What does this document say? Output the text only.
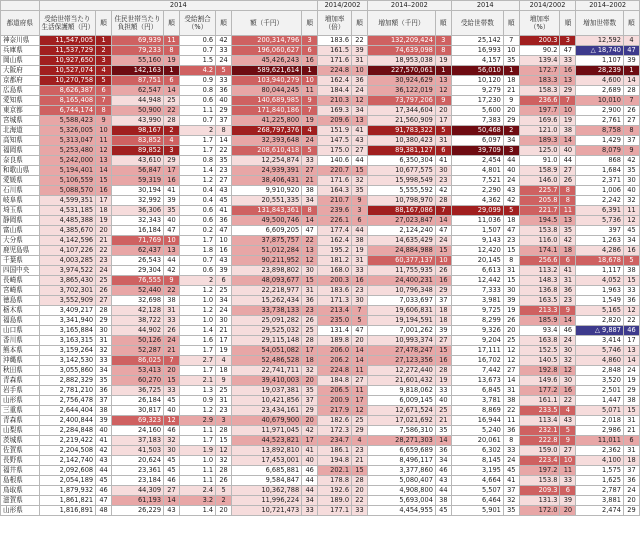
	2014								2014/2002		2014–2002		2014		2014/2002		2014–2002	
都道府県	受給世帯当たり生活保護額（円）	順	住民世帯当たり負担額（円）	順	受給割合（%）	順	額（千円）	順	増加率（倍）	順	増加額（千円）	順	受給世帯数	順	増加率（%）	順	増加世帯数	順
神奈川県	11,547,005	1	69,939	11	0.6	42	200,314,796	3	183.6	22	132,209,424	3	25,142	7	200.3	3	12,592	4
兵庫県	11,537,729	2	79,233	8	0.7	33	196,060,627	6	161.5	39	74,639,098	8	16,993	10	90.2	47	△ 18,740	47
岡山県	10,927,650	3	55,160	19	1.5	24	45,426,243	16	171.6	31	18,953,038	19	4,157	35	139.4	33	1,107	39
大阪府	10,527,074	4	142,163	1	4.2	5	589,621,614	1	224.8	10	227,570,061	1	56,010	1	172.7	16	28,239	1
京都府	10,270,758	5	87,751	6	0.9	33	103,940,279	10	162.4	36	30,924,629	13	10,120	18	183.3	13	4,600	14
広島県	8,626,387	6	62,547	14	0.8	36	80,044,245	11	184.4	24	36,122,019	12	9,279	21	158.3	29	2,689	28
愛知県	8,165,408	7	44,948	25	0.6	40	140,689,985	9	210.3	12	73,797,206	9	17,230	9	236.6	7	10,010	7
東京都	6,744,174	8	50,900	22	1.1	29	171,840,186	7	169.3	34	17,344,604	20	5,600	20	197.7	10	2,900	26
宮城県	5,588,423	9	43,990	28	0.7	37	41,225,800	19	209.6	13	21,560,909	17	7,383	29	169.6	19	2,761	27
北海道	5,326,005	10	98,167	2	2	8	268,797,376	4	151.9	41	91,783,322	5	50,468	2	121.0	38	8,758	8
高知県	5,313,047	11	83,852	4	1.7	14	32,393,648	24	147.5	43	10,380,423	31	6,097	34	189.3	14	1,429	37
福岡県	5,253,480	12	89,852	3	1.7	22	208,610,418	5	175.0	27	89,381,127	6	39,709	3	125.0	40	8,079	9
奈良県	5,242,000	13	43,610	29	0.8	35	12,254,874	33	140.6	44	6,350,304	41	2,454	44	91.0	44	868	42
和歌山県	5,194,401	14	56,847	17	1.4	23	24,939,391	27	220.7	15	10,677,575	30	4,801	40	158.9	27	1,684	35
愛媛県	5,106,559	15	59,319	16	1.2	27	38,406,431	21	171.6	32	15,998,549	23	7,521	24	146.0	26	2,371	30
石川県	5,088,570	16	30,194	41	0.4	43	9,910,920	38	164.3	35	5,555,592	42	2,290	43	225.7	8	1,006	40
岐阜県	4,599,351	17	32,992	39	0.4	45	20,551,335	34	210.7	9	10,798,970	28	4,362	42	205.8	8	2,242	32
埼玉県	4,531,185	18	36,306	35	0.6	41	131,843,361	8	239.6	3	88,167,086	7	29,099	5	221.7	11	6,391	11
静岡県	4,485,388	19	32,343	40	0.6	36	49,500,746	14	226.1	6	27,023,847	14	11,036	18	194.5	13	5,736	12
富山県	4,385,670	20	16,184	47	0.2	47	6,609,205	47	177.4	44	2,124,240	47	1,507	47	153.8	35	397	45
大分県	4,142,596	21	71,769	10	1.7	10	37,875,757	22	162.4	38	14,635,429	24	9,143	23	116.0	42	1,263	34
鹿児島県	4,107,226	22	62,437	13	1.8	16	51,012,284	13	195.2	19	24,884,988	15	12,420	15	174.1	18	4,286	16
千葉県	4,003,285	23	26,543	44	0.7	43	90,211,952	12	181.2	31	60,377,137	10	20,145	8	256.6	6	18,678	5
四国中央	3,974,522	24	29,304	42	0.6	39	23,898,802	30	168.0	33	11,755,935	26	6,613	31	113.2	41	1,117	38
長崎県	3,865,430	25	76,555	9	2	6	48,093,677	15	200.3	16	24,400,231	16	12,442	15	148.3	31	4,052	15
宮崎県	3,702,301	26	52,440	22	1.2	25	22,218,977	31	183.6	23	10,796,348	29	7,333	30	136.8	36	1,963	33
徳島県	3,552,909	27	32,698	38	1.0	34	15,262,434	36	171.3	30	7,033,697	37	3,981	39	163.5	23	1,549	36
栃木県	3,409,217	28	42,128	31	1.2	24	33,738,133	23	213.4	7	19,606,831	18	9,725	19	213.3	9	5,165	12
福島県	3,341,940	29	38,722	33	1.0	30	25,091,282	26	235.0	5	19,194,591	18	8,299	26	185.9	14	2,820	22
山口県	3,165,884	30	44,902	26	1.4	21	29,525,032	25	131.4	47	7,001,262	39	9,326	20	93.4	46	△ 9,887	46
香川県	3,163,315	31	50,126	24	1.6	17	29,115,148	28	189.8	20	10,993,374	27	9,204	25	163.8	24	3,414	17
熊本県	3,159,264	32	52,287	21	1.7	19	54,051,082	17	206.0	14	27,478,247	15	17,111	12	152.5	30	5,746	13
沖縄県	3,142,530	33	86,025	7	2.7	4	52,486,528	18	206.2	14	27,123,356	16	16,702	12	140.5	32	4,860	14
秋田県	3,055,860	34	53,413	20	1.7	18	22,741,711	32	224.8	11	12,272,440	28	7,442	27	192.8	12	2,848	24
青森県	2,882,329	35	60,270	15	2.1	9	39,410,003	20	184.8	27	21,601,432	19	13,673	14	149.6	30	3,520	19
岩手県	2,781,210	36	36,725	33	1.3	25	19,037,381	35	206.5	11	9,818,062	33	6,845	31	177.2	16	2,501	29
山形県	2,756,478	37	26,184	45	0.9	31	10,421,856	37	200.9	17	6,009,145	40	3,781	38	161.1	22	1,447	38
三重県	2,644,404	38	30,817	40	1.2	23	23,434,161	29	217.9	12	12,671,524	25	8,869	22	233.5	4	5,071	15
青森県	2,400,844	39	69,323	12	2.9	3	40,679,900	20	182.6	25	17,021,692	21	16,944	11	113.4	43	2,018	31
山梨県	2,284,848	40	24,160	46	1.1	28	11,971,045	42	172.3	29	7,586,310	35	5,240	36	232.1	5	2,986	21
茨城県	2,219,422	41	37,183	32	1.7	15	44,523,821	17	234.7	4	28,271,303	14	20,061	8	222.8	9	11,011	6
佐賀県	2,204,508	42	41,503	30	1.9	12	13,892,810	41	186.1	23	6,659,689	36	6,302	33	159.0	27	2,362	31
長野県	2,142,740	43	20,624	45	1.0	32	17,453,001	40	194.8	21	8,496,117	34	8,145	24	223.4	10	4,100	18
福井県	2,092,608	44	23,361	45	1.1	28	6,685,881	46	202.1	15	3,377,860	46	3,195	45	197.2	11	1,575	37
島根県	2,054,189	45	23,184	46	1.1	26	9,584,847	44	178.8	28	5,080,407	43	4,664	41	153.8	33	1,625	36
鳥取県	1,879,932	46	44,309	27	2.4	5	10,362,788	44	192.6	20	4,908,800	44	5,507	37	209.3	6	2,787	24
滋賀県	1,861,821	47	61,193	14	3.2	2	11,996,224	34	189.0	22	5,693,004	38	6,464	32	131.3	39	3,881	20
山形県	1,816,891	48	26,229	43	1.4	20	10,721,473	33	177.1	33	4,454,955	45	5,901	35	172.0	20	2,474	29
